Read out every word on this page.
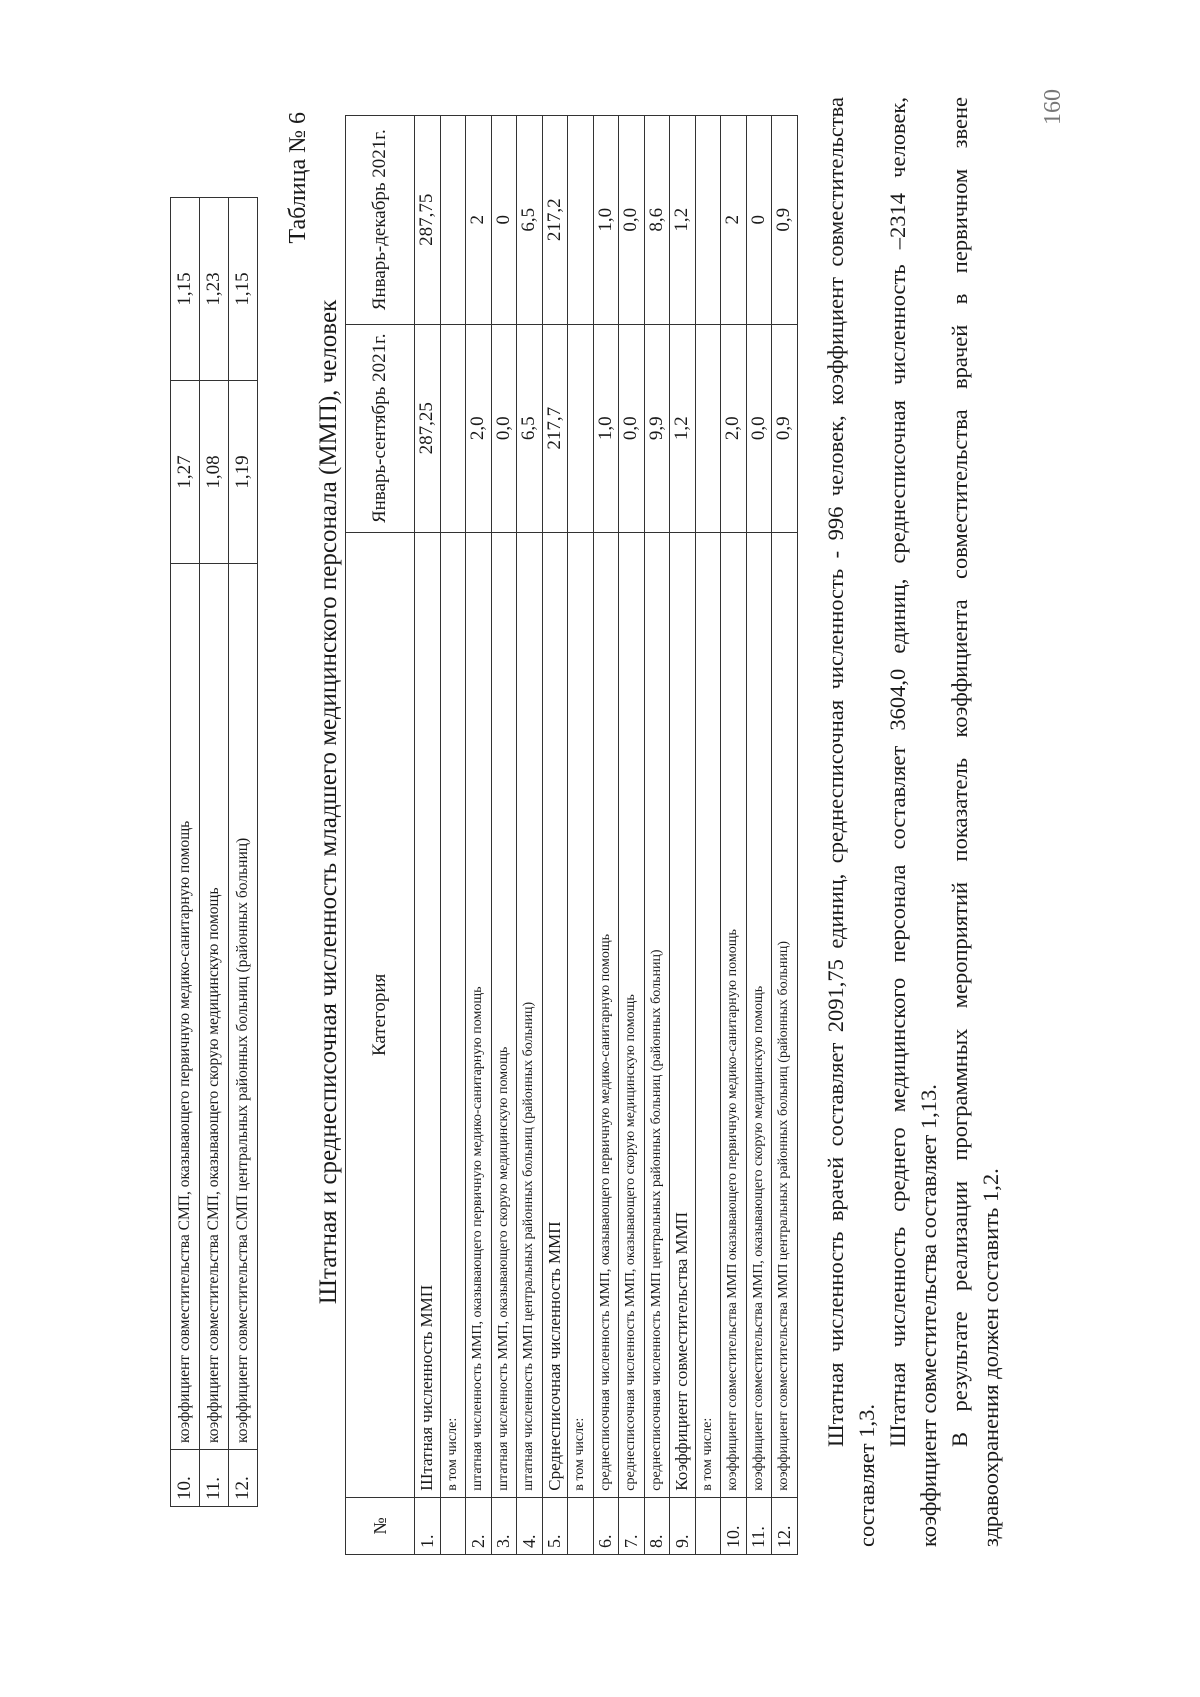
10.	коэффициент совместительства СМП, оказывающего первичную медико-санитарную помощь	1,27	1,15
11.	коэффициент совместительства СМП, оказывающего скорую медицинскую помощь	1,08	1,23
12.	коэффициент совместительства СМП центральных районных больниц (районных больниц)	1,19	1,15
Таблица № 6
Штатная и среднесписочная численность младшего медицинского персонала (ММП), человек
№	Категория	Январь-сентябрь 2021г.	Январь-декабрь 2021г.
1.	Штатная численность ММП	287,25	287,75
	в том числе:		
2.	штатная численность ММП, оказывающего первичную медико-санитарную помощь	2,0	2
3.	штатная численность ММП, оказывающего скорую медицинскую помощь	0,0	0
4.	штатная численность ММП центральных районных больниц (районных больниц)	6,5	6,5
5.	Среднесписочная численность ММП	217,7	217,2
	в том числе:		
6.	среднесписочная численность ММП, оказывающего первичную медико-санитарную помощь	1,0	1,0
7.	среднесписочная численность ММП, оказывающего скорую медицинскую помощь	0,0	0,0
8.	среднесписочная численность ММП центральных районных больниц (районных больниц)	9,9	8,6
9.	Коэффициент совместительства ММП	1,2	1,2
	в том числе:		
10.	коэффициент совместительства ММП оказывающего первичную медико-санитарную помощь	2,0	2
11.	коэффициент совместительства ММП, оказывающего скорую медицинскую помощь	0,0	0
12.	коэффициент совместительства ММП центральных районных больниц (районных больниц)	0,9	0,9 Штатная численность врачей составляет 2091,75 единиц, среднесписочная численность - 996 человек, коэффициент совместительства составляет 1,3.

Штатная численность среднего медицинского персонала составляет 3604,0 единиц, среднесписочная численность –2314 человек, коэффициент совместительства составляет 1,13. В результате реализации программных мероприятий показатель коэффициента совместительства врачей в первичном звене здравоохранения должен составить 1,2.

160
